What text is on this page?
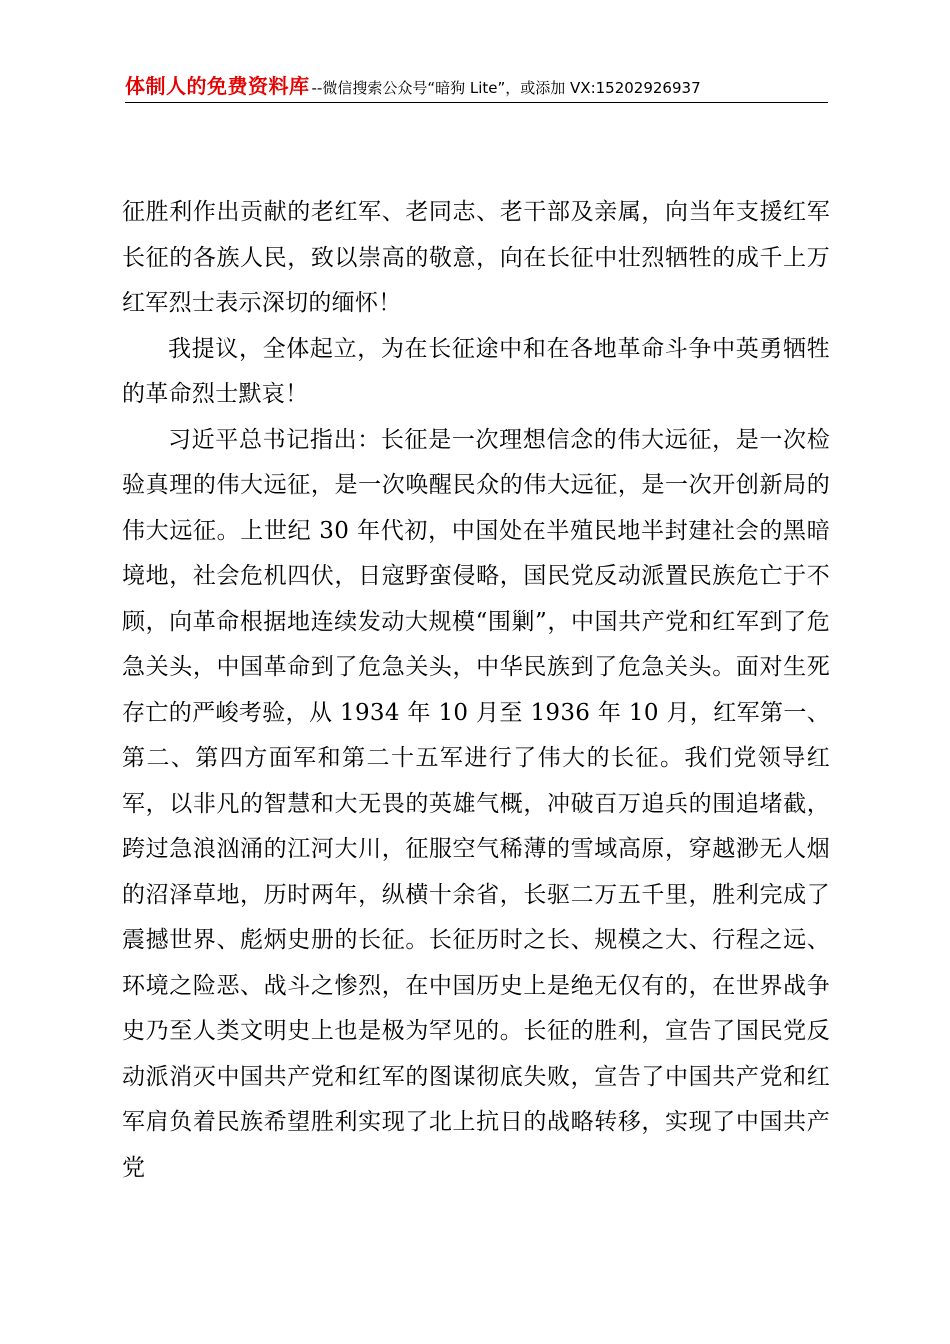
体制人的免费资料库 --微信搜索公众号“暗狗 Lite”，或添加 VX:15202926937

征胜利作出贡献的老红军、老同志、老干部及亲属，向当年支援红军长征的各族人民，致以崇高的敬意，向在长征中壮烈牺牲的成千上万红军烈士表示深切的缅怀！

我提议，全体起立，为在长征途中和在各地革命斗争中英勇牺牲的革命烈士默哀！

习近平总书记指出：长征是一次理想信念的伟大远征，是一次检验真理的伟大远征，是一次唤醒民众的伟大远征，是一次开创新局的伟大远征。上世纪 30 年代初，中国处在半殖民地半封建社会的黑暗境地，社会危机四伏，日寇野蛮侵略，国民党反动派置民族危亡于不顾，向革命根据地连续发动大规模“围剿”，中国共产党和红军到了危急关头，中国革命到了危急关头，中华民族到了危急关头。面对生死存亡的严峻考验，从 1934 年 10 月至 1936 年 10 月，红军第一、第二、第四方面军和第二十五军进行了伟大的长征。我们党领导红军，以非凡的智慧和大无畏的英雄气概，冲破百万追兵的围追堵截，跨过急浪汹涌的江河大川，征服空气稀薄的雪域高原，穿越渺无人烟的沼泽草地，历时两年，纵横十余省，长驱二万五千里，胜利完成了震撼世界、彪炳史册的长征。长征历时之长、规模之大、行程之远、环境之险恶、战斗之惨烈，在中国历史上是绝无仅有的，在世界战争史乃至人类文明史上也是极为罕见的。长征的胜利，宣告了国民党反动派消灭中国共产党和红军的图谋彻底失败，宣告了中国共产党和红军肩负着民族希望胜利实现了北上抗日的战略转移，实现了中国共产党
